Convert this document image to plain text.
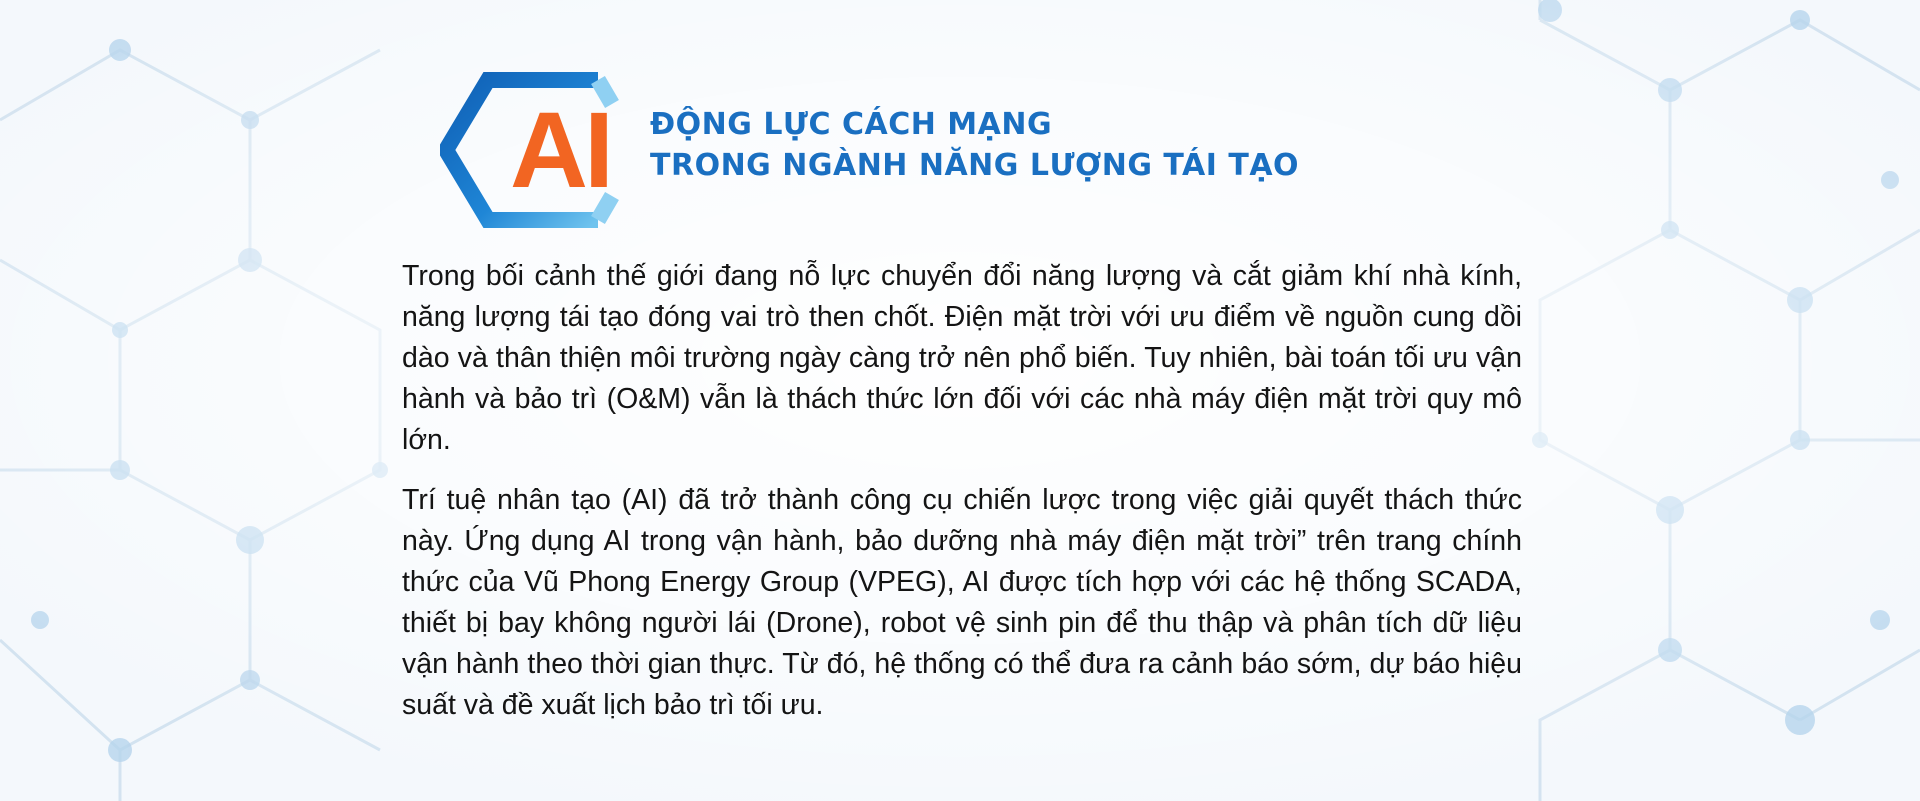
AI ĐỘNG LỰC CÁCH MẠNG
TRONG NGÀNH NĂNG LƯỢNG TÁI TẠO

Trong bối cảnh thế giới đang nỗ lực chuyển đổi năng lượng và cắt giảm khí nhà kính, năng lượng tái tạo đóng vai trò then chốt. Điện mặt trời với ưu điểm về nguồn cung dồi dào và thân thiện môi trường ngày càng trở nên phổ biến. Tuy nhiên, bài toán tối ưu vận hành và bảo trì (O&M) vẫn là thách thức lớn đối với các nhà máy điện mặt trời quy mô lớn.

Trí tuệ nhân tạo (AI) đã trở thành công cụ chiến lược trong việc giải quyết thách thức này. Ứng dụng AI trong vận hành, bảo dưỡng nhà máy điện mặt trời” trên trang chính thức của Vũ Phong Energy Group (VPEG), AI được tích hợp với các hệ thống SCADA, thiết bị bay không người lái (Drone), robot vệ sinh pin để thu thập và phân tích dữ liệu vận hành theo thời gian thực. Từ đó, hệ thống có thể đưa ra cảnh báo sớm, dự báo hiệu suất và đề xuất lịch bảo trì tối ưu.
